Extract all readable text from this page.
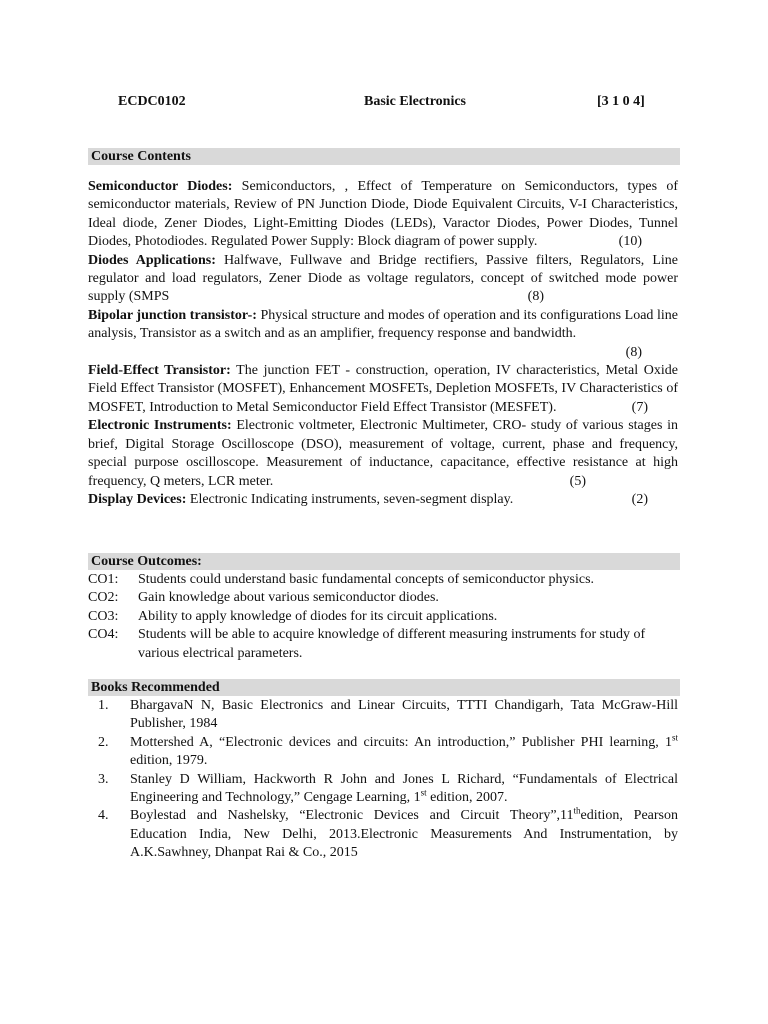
ECDC0102	Basic Electronics	[3 1 0 4]
Course Contents

Semiconductor Diodes: Semiconductors, , Effect of Temperature on Semiconductors, types of semiconductor materials, Review of PN Junction Diode, Diode Equivalent Circuits, V-I Characteristics, Ideal diode, Zener Diodes, Light-Emitting Diodes (LEDs), Varactor Diodes, Power Diodes, Tunnel Diodes, Photodiodes. Regulated Power Supply: Block diagram of power supply.	(10)

Diodes Applications: Halfwave, Fullwave and Bridge rectifiers, Passive filters, Regulators, Line regulator and load regulators, Zener Diode as voltage regulators, concept of switched mode power supply (SMPS	(8)

Bipolar junction transistor-: Physical structure and modes of operation and its configurations Load line analysis, Transistor as a switch and as an amplifier, frequency response and bandwidth.
(8)

Field-Effect Transistor: The junction FET - construction, operation, IV characteristics, Metal Oxide Field Effect Transistor (MOSFET), Enhancement MOSFETs, Depletion MOSFETs, IV Characteristics of MOSFET, Introduction to Metal Semiconductor Field Effect Transistor (MESFET).	(7)

Electronic Instruments: Electronic voltmeter, Electronic Multimeter, CRO- study of various stages in brief, Digital Storage Oscilloscope (DSO), measurement of voltage, current, phase and frequency, special purpose oscilloscope. Measurement of inductance, capacitance, effective resistance at high frequency, Q meters, LCR meter.	(5)

Display Devices: Electronic Indicating instruments, seven-segment display.	(2)

Course Outcomes:
CO1:	Students could understand basic fundamental concepts of semiconductor physics.
CO2:	Gain knowledge about various semiconductor diodes.
CO3:	Ability to apply knowledge of diodes for its circuit applications.
CO4:	Students will be able to acquire knowledge of different measuring instruments for study of various electrical parameters.
Books Recommended
1.	BhargavaN N, Basic Electronics and Linear Circuits, TTTI Chandigarh, Tata McGraw-Hill Publisher, 1984
2.	Mottershed A, “Electronic devices and circuits: An introduction,” Publisher PHI learning, 1st edition, 1979.
3.	Stanley D William, Hackworth R John and Jones L Richard, “Fundamentals of Electrical Engineering and Technology,” Cengage Learning, 1st edition, 2007.
4.	Boylestad and Nashelsky, “Electronic Devices and Circuit Theory”,11thedition, Pearson Education India, New Delhi, 2013.Electronic Measurements And Instrumentation, by A.K.Sawhney, Dhanpat Rai & Co., 2015
